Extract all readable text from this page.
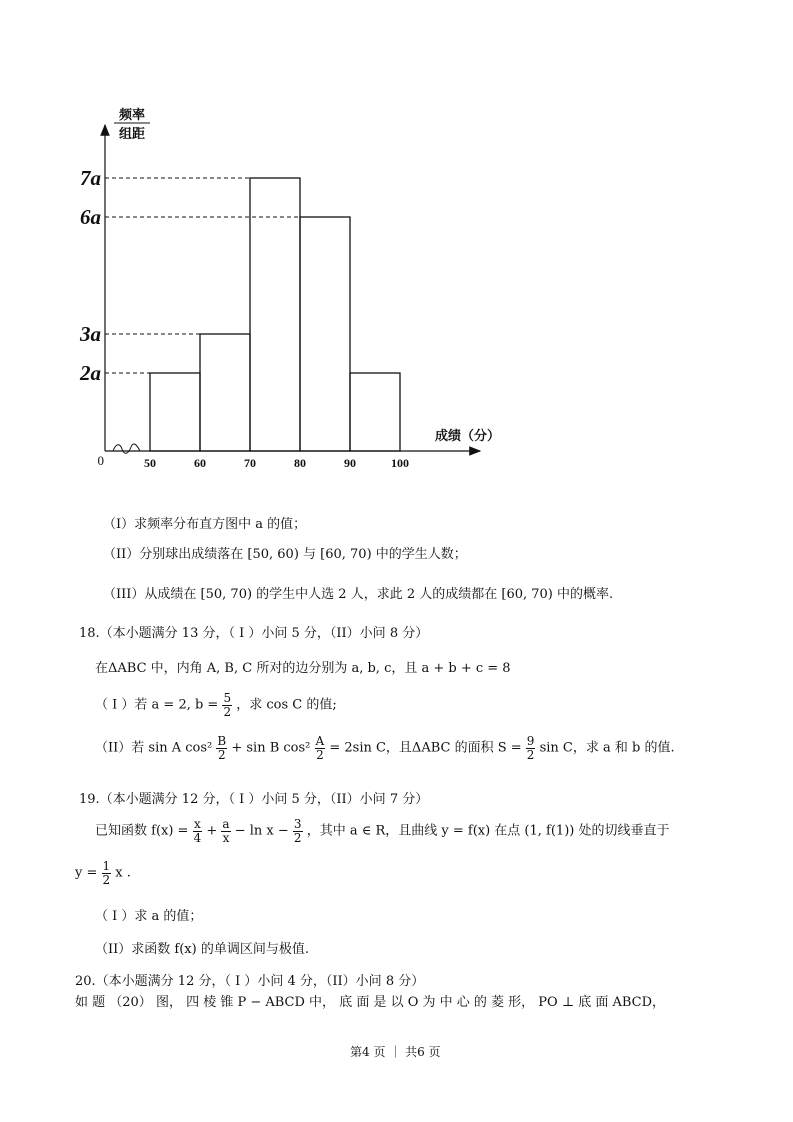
2a
3a
6a
7a
50	60	70	80	90	100
0
成绩（分）
频率
组距
（I）求频率分布直方图中 a 的值；
（II）分别球出成绩落在 [50, 60) 与 [60, 70) 中的学生人数；
（III）从成绩在 [50, 70) 的学生中人选 2 人，求此 2 人的成绩都在 [60, 70) 中的概率.
18.（本小题满分 13 分，（ I ）小问 5 分，（II）小问 8 分）
在ΔABC 中，内角 A, B, C 所对的边分别为 a, b, c，且 a + b + c = 8
（ I ）若 a = 2, $b = \frac{5}{2}$ ，求 cos C 的值;
（II）若 sin A $\cos^2 \frac{B}{2} + \sin B$ $\cos^2 \frac{A}{2} = 2\sin$ C，且ΔABC 的面积 $S = \frac{9}{2}$ sin C，求 a 和 b 的值.
19.（本小题满分 12 分，（ I ）小问 5 分，（II）小问 7 分）
已知函数 $f(x) = \frac{x}{4} + \frac{a}{x} - \ln x - \frac{3}{2}$ ，其中 a ∈ R，且曲线 y = f(x) 在点 (1, f(1)) 处的切线垂直于
$y = \frac{1}{2}$ x .
（ I ）求 a 的值；
（II）求函数 f(x) 的单调区间与极值.
20.（本小题满分 12 分，（ I ）小问 4 分，（II）小问 8 分）
如 题 （20） 图， 四 棱 锥 P − ABCD 中， 底 面 是 以 O 为 中 心 的 菱 形， PO ⊥ 底 面 ABCD，
第4 页 ｜ 共6 页
